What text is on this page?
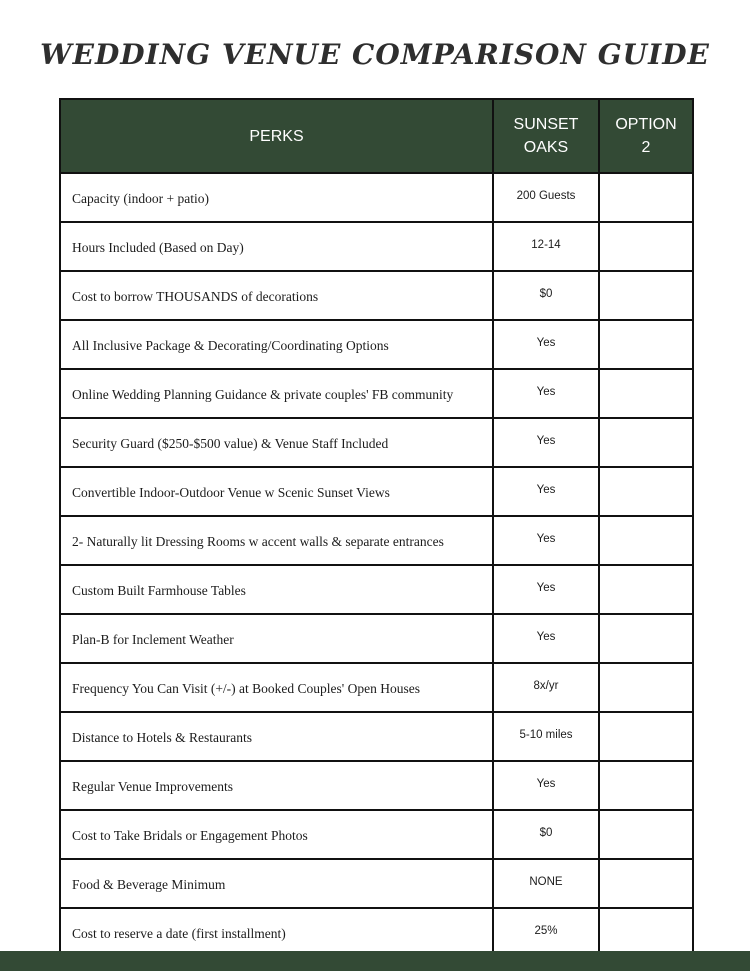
WEDDING VENUE COMPARISON GUIDE
PERKS	SUNSET OAKS	OPTION 2

Capacity (indoor + patio)	200 Guests	
Hours Included (Based on Day)	12-14	
Cost to borrow THOUSANDS of decorations	$0	
All Inclusive Package & Decorating/Coordinating Options	Yes	
Online Wedding Planning Guidance & private couples' FB community	Yes	
Security Guard ($250-$500 value) & Venue Staff Included	Yes	
Convertible Indoor-Outdoor Venue w Scenic Sunset Views	Yes	
2- Naturally lit Dressing Rooms w accent walls & separate entrances	Yes	
Custom Built Farmhouse Tables	Yes	
Plan-B for Inclement Weather	Yes	
Frequency You Can Visit (+/-) at Booked Couples' Open Houses	8x/yr	
Distance to Hotels & Restaurants	5-10 miles	
Regular Venue Improvements	Yes	
Cost to Take Bridals or Engagement Photos	$0	
Food & Beverage Minimum	NONE	
Cost to reserve a date (first installment)	25%	
